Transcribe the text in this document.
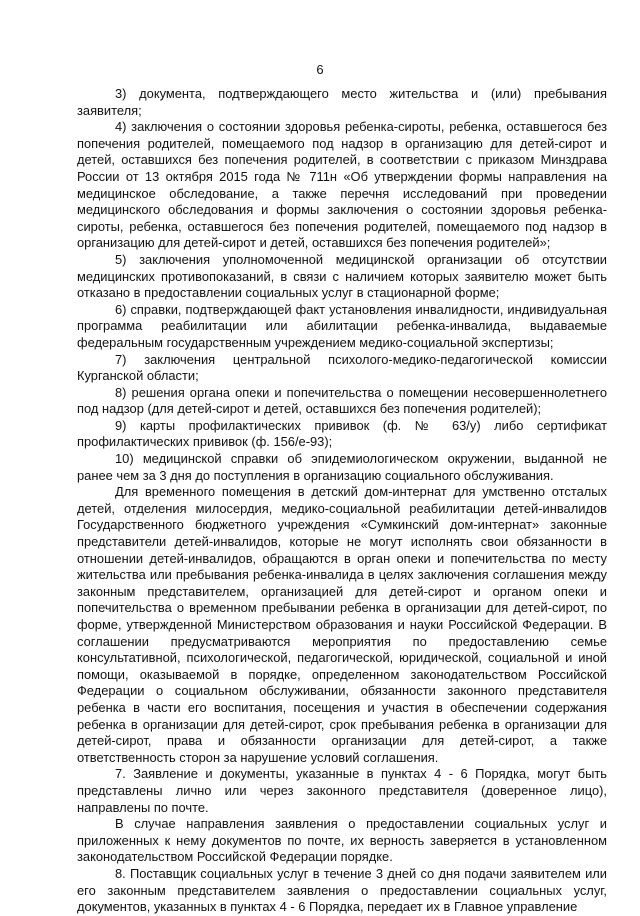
6

3) документа, подтверждающего место жительства и (или) пребывания заявителя;

4) заключения о состоянии здоровья ребенка-сироты, ребенка, оставшегося без попечения родителей, помещаемого под надзор в организацию для детей-сирот и детей, оставшихся без попечения родителей, в соответствии с приказом Минздрава России от 13 октября 2015 года № 711н «Об утверждении формы направления на медицинское обследование, а также перечня исследований при проведении медицинского обследования и формы заключения о состоянии здоровья ребенка-сироты, ребенка, оставшегося без попечения родителей, помещаемого под надзор в организацию для детей-сирот и детей, оставшихся без попечения родителей»;

5) заключения уполномоченной медицинской организации об отсутствии медицинских противопоказаний, в связи с наличием которых заявителю может быть отказано в предоставлении социальных услуг в стационарной форме;

6) справки, подтверждающей факт установления инвалидности, индивидуальная программа реабилитации или абилитации ребенка-инвалида, выдаваемые федеральным государственным учреждением медико-социальной экспертизы;

7) заключения центральной психолого-медико-педагогической комиссии Курганской области;

8) решения органа опеки и попечительства о помещении несовершеннолетнего под надзор (для детей-сирот и детей, оставшихся без попечения родителей);

9) карты профилактических прививок (ф. № 63/у) либо сертификат профилактических прививок (ф. 156/е-93);

10) медицинской справки об эпидемиологическом окружении, выданной не ранее чем за 3 дня до поступления в организацию социального обслуживания.

Для временного помещения в детский дом-интернат для умственно отсталых детей, отделения милосердия, медико-социальной реабилитации детей-инвалидов Государственного бюджетного учреждения «Сумкинский дом-интернат» законные представители детей-инвалидов, которые не могут исполнять свои обязанности в отношении детей-инвалидов, обращаются в орган опеки и попечительства по месту жительства или пребывания ребенка-инвалида в целях заключения соглашения между законным представителем, организацией для детей-сирот и органом опеки и попечительства о временном пребывании ребенка в организации для детей-сирот, по форме, утвержденной Министерством образования и науки Российской Федерации. В соглашении предусматриваются мероприятия по предоставлению семье консультативной, психологической, педагогической, юридической, социальной и иной помощи, оказываемой в порядке, определенном законодательством Российской Федерации о социальном обслуживании, обязанности законного представителя ребенка в части его воспитания, посещения и участия в обеспечении содержания ребенка в организации для детей-сирот, срок пребывания ребенка в организации для детей-сирот, права и обязанности организации для детей-сирот, а также ответственность сторон за нарушение условий соглашения.

7. Заявление и документы, указанные в пунктах 4 - 6 Порядка, могут быть представлены лично или через законного представителя (доверенное лицо), направлены по почте.

В случае направления заявления о предоставлении социальных услуг и приложенных к нему документов по почте, их верность заверяется в установленном законодательством Российской Федерации порядке.

8. Поставщик социальных услуг в течение 3 дней со дня подачи заявителем или его законным представителем заявления о предоставлении социальных услуг, документов, указанных в пунктах 4 - 6 Порядка, передает их в Главное управление
